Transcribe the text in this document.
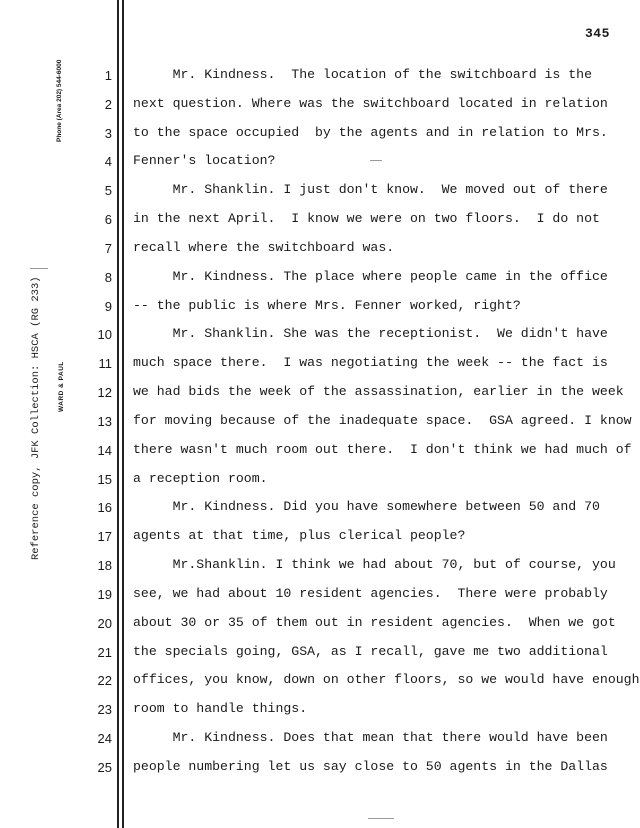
345
Phone (Area 202) 544-6000
WARD & PAUL
Reference copy, JFK Collection: HSCA (RG 233)
1 Mr. Kindness.  The location of the switchboard is the
2 next question. Where was the switchboard located in relation
3 to the space occupied  by the agents and in relation to Mrs.
4 Fenner's location?
5 Mr. Shanklin. I just don't know.  We moved out of there
6 in the next April.  I know we were on two floors.  I do not
7 recall where the switchboard was.
8 Mr. Kindness. The place where people came in the office
9 -- the public is where Mrs. Fenner worked, right?
10 Mr. Shanklin. She was the receptionist.  We didn't have
11 much space there.  I was negotiating the week -- the fact is
12 we had bids the week of the assassination, earlier in the week
13 for moving because of the inadequate space.  GSA agreed. I know
14 there wasn't much room out there.  I don't think we had much of
15 a reception room.
16 Mr. Kindness. Did you have somewhere between 50 and 70
17 agents at that time, plus clerical people?
18 Mr.Shanklin. I think we had about 70, but of course, you
19 see, we had about 10 resident agencies.  There were probably
20 about 30 or 35 of them out in resident agencies.  When we got
21 the specials going, GSA, as I recall, gave me two additional
22 offices, you know, down on other floors, so we would have enough
23 room to handle things.
24 Mr. Kindness. Does that mean that there would have been
25 people numbering let us say close to 50 agents in the Dallas
